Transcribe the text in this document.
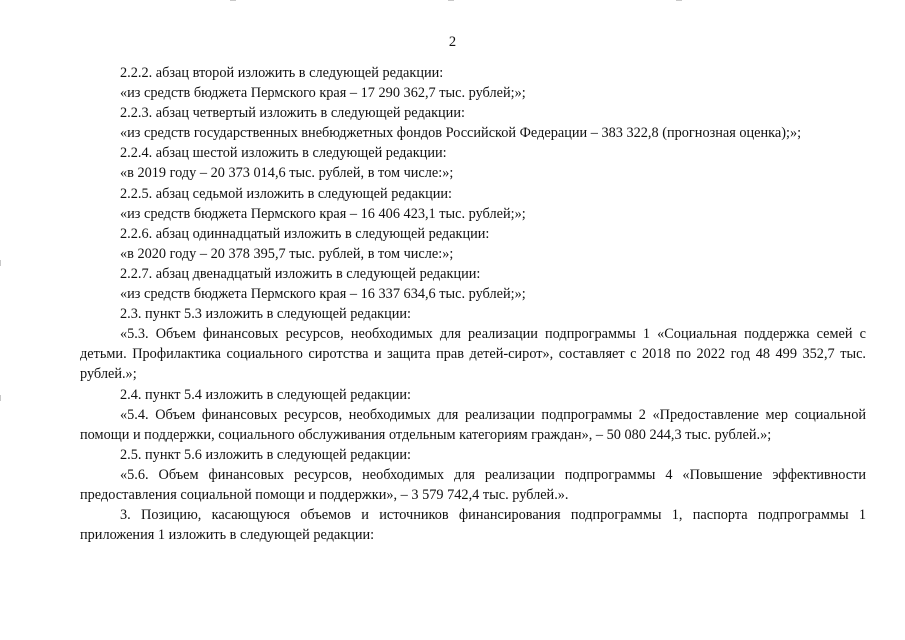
2

2.2.2. абзац второй изложить в следующей редакции:

«из средств бюджета Пермского края – 17 290 362,7 тыс. рублей;»;

2.2.3. абзац четвертый изложить в следующей редакции:

«из средств государственных внебюджетных фондов Российской Федерации – 383 322,8 (прогнозная оценка);»;

2.2.4. абзац шестой изложить в следующей редакции:

«в 2019 году – 20 373 014,6 тыс. рублей, в том числе:»;

2.2.5. абзац седьмой изложить в следующей редакции:

«из средств бюджета Пермского края – 16 406 423,1 тыс. рублей;»;

2.2.6. абзац одиннадцатый изложить в следующей редакции:

«в 2020 году – 20 378 395,7 тыс. рублей, в том числе:»;

2.2.7. абзац двенадцатый изложить в следующей редакции:

«из средств бюджета Пермского края – 16 337 634,6 тыс. рублей;»;

2.3. пункт 5.3 изложить в следующей редакции:

«5.3. Объем финансовых ресурсов, необходимых для реализации подпрограммы 1 «Социальная поддержка семей с детьми. Профилактика социального сиротства и защита прав детей-сирот», составляет с 2018 по 2022 год 48 499 352,7 тыс. рублей.»;

2.4. пункт 5.4 изложить в следующей редакции:

«5.4. Объем финансовых ресурсов, необходимых для реализации подпрограммы 2 «Предоставление мер социальной помощи и поддержки, социального обслуживания отдельным категориям граждан», – 50 080 244,3 тыс. рублей.»;

2.5. пункт 5.6 изложить в следующей редакции:

«5.6. Объем финансовых ресурсов, необходимых для реализации подпрограммы 4 «Повышение эффективности предоставления социальной помощи и поддержки», – 3 579 742,4 тыс. рублей.».

3. Позицию, касающуюся объемов и источников финансирования подпрограммы 1, паспорта подпрограммы 1 приложения 1 изложить в следующей редакции:
